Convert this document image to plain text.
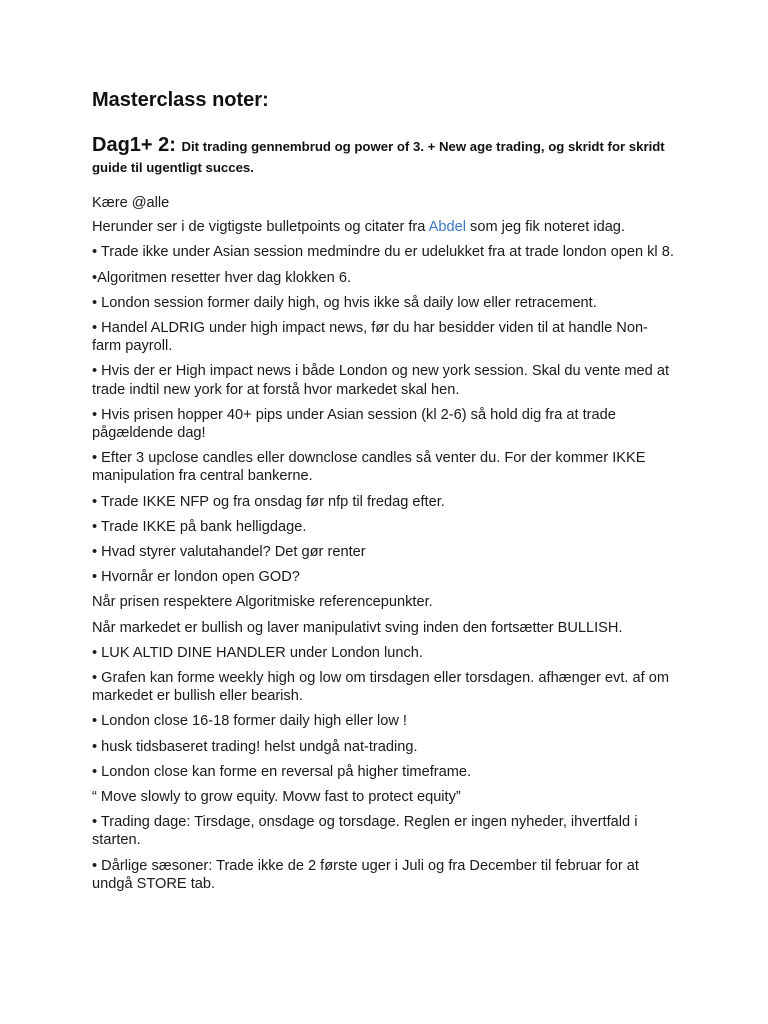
Masterclass noter:
Dag1+ 2: Dit trading gennembrud og power of 3. + New age trading, og skridt for skridt guide til ugentligt succes.

Kære @alle

Herunder ser i de vigtigste bulletpoints og citater fra Abdel som jeg fik noteret idag.

• Trade ikke under Asian session medmindre du er udelukket fra at trade london open kl 8.

•Algoritmen resetter hver dag klokken 6.

• London session former daily high, og hvis ikke så daily low eller retracement.

• Handel ALDRIG under high impact news, før du har besidder viden til at handle Non-farm payroll.

• Hvis der er High impact news i både London og new york session. Skal du vente med at trade indtil new york for at forstå hvor markedet skal hen.

• Hvis prisen hopper 40+ pips under Asian session (kl 2-6) så hold dig fra at trade pågældende dag!

• Efter 3 upclose candles eller downclose candles så venter du. For der kommer IKKE manipulation fra central bankerne.

• Trade IKKE NFP og fra onsdag før nfp til fredag efter.

• Trade IKKE på bank helligdage.

• Hvad styrer valutahandel? Det gør renter

• Hvornår er london open GOD?

Når prisen respektere Algoritmiske referencepunkter.

Når markedet er bullish og laver manipulativt sving inden den fortsætter BULLISH.

• LUK ALTID DINE HANDLER under London lunch.

• Grafen kan forme weekly high og low om tirsdagen eller torsdagen. afhænger evt. af om markedet er bullish eller bearish.

• London close 16-18 former daily high eller low !

• husk tidsbaseret trading! helst undgå nat-trading.

• London close kan forme en reversal på higher timeframe.

“ Move slowly to grow equity. Movw fast to protect equity”

• Trading dage: Tirsdage, onsdage og torsdage. Reglen er ingen nyheder, ihvertfald i starten.

• Dårlige sæsoner: Trade ikke de 2 første uger i Juli og fra December til februar for at undgå STORE tab.
